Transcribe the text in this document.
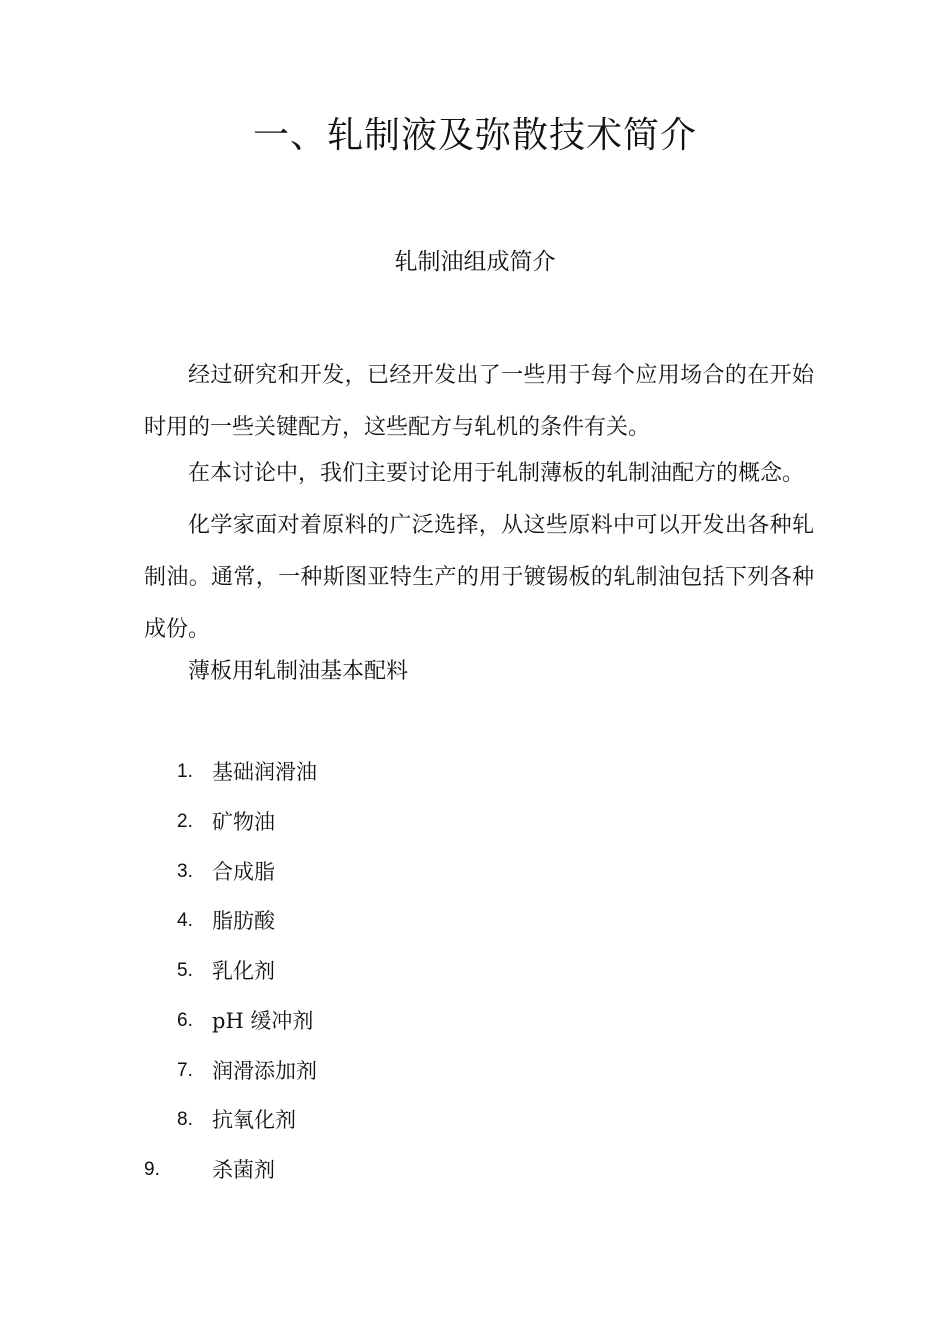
一、轧制液及弥散技术简介
轧制油组成简介

经过研究和开发，已经开发出了一些用于每个应用场合的在开始时用的一些关键配方，这些配方与轧机的条件有关。

在本讨论中，我们主要讨论用于轧制薄板的轧制油配方的概念。

化学家面对着原料的广泛选择，从这些原料中可以开发出各种轧制油。通常，一种斯图亚特生产的用于镀锡板的轧制油包括下列各种成份。

薄板用轧制油基本配料

1. 基础润滑油
2. 矿物油
3. 合成脂
4. 脂肪酸
5. 乳化剂
6. pH 缓冲剂
7. 润滑添加剂
8. 抗氧化剂
9. 杀菌剂
